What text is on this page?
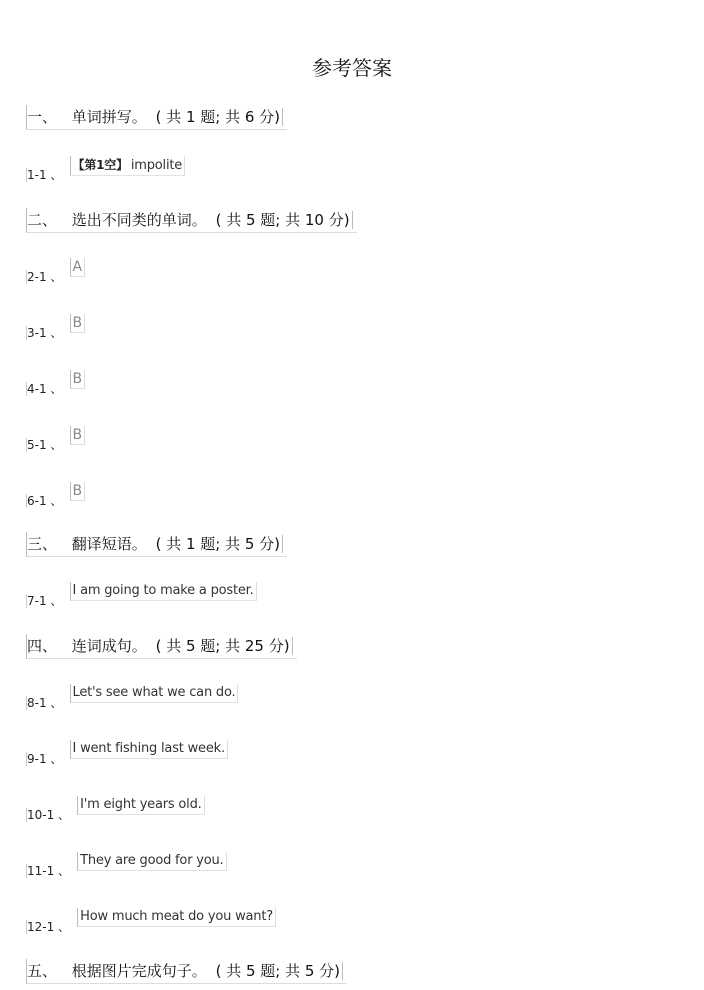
参考答案
一、 单词拼写。 ( 共 1 题; 共 6 分)
1-1 、 【第1空】 impolite
二、 选出不同类的单词。 ( 共 5 题; 共 10 分)
2-1 、 A
3-1 、 B
4-1 、 B
5-1 、 B
6-1 、 B
三、 翻译短语。 ( 共 1 题; 共 5 分)
7-1 、 I am going to make a poster.
四、 连词成句。 ( 共 5 题; 共 25 分)
8-1 、 Let's see what we can do.
9-1 、 I went fishing last week.
10-1 、 I'm eight years old.
11-1 、 They are good for you.
12-1 、 How much meat do you want?
五、 根据图片完成句子。 ( 共 5 题; 共 5 分)
